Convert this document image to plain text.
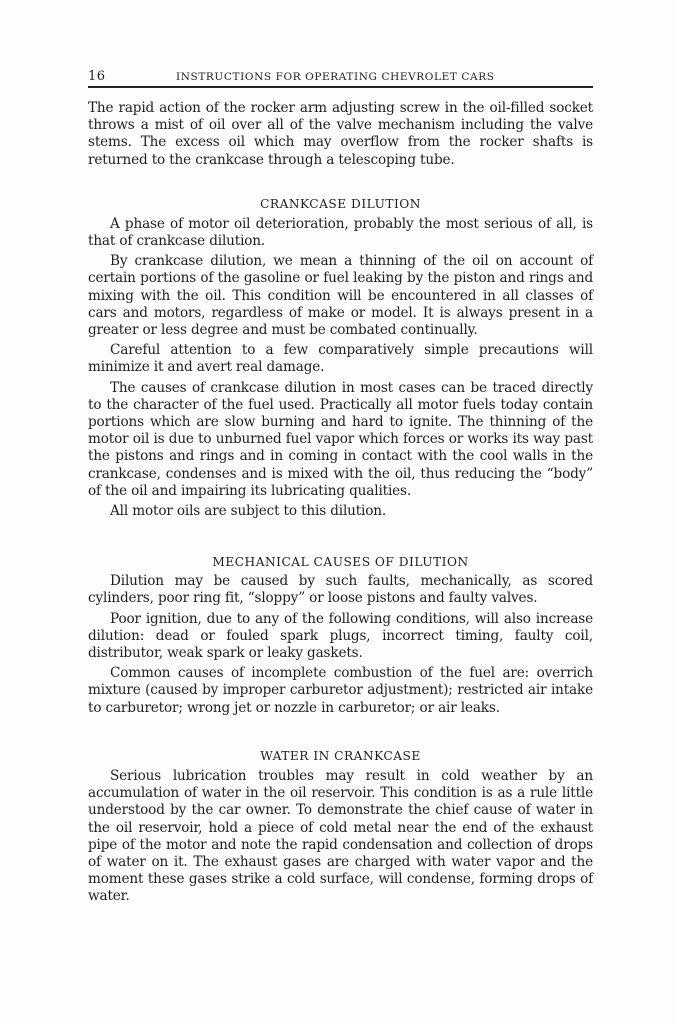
16	INSTRUCTIONS FOR OPERATING CHEVROLET CARS

The rapid action of the rocker arm adjusting screw in the oil-filled socket throws a mist of oil over all of the valve mechanism including the valve stems. The excess oil which may overflow from the rocker shafts is returned to the crankcase through a telescoping tube.

CRANKCASE DILUTION

A phase of motor oil deterioration, probably the most serious of all, is that of crankcase dilution.

By crankcase dilution, we mean a thinning of the oil on account of certain portions of the gasoline or fuel leaking by the piston and rings and mixing with the oil. This condition will be encountered in all classes of cars and motors, regardless of make or model. It is always present in a greater or less degree and must be combated continually.

Careful attention to a few comparatively simple precautions will minimize it and avert real damage.

The causes of crankcase dilution in most cases can be traced directly to the character of the fuel used. Practically all motor fuels today contain portions which are slow burning and hard to ignite. The thinning of the motor oil is due to unburned fuel vapor which forces or works its way past the pistons and rings and in coming in contact with the cool walls in the crankcase, condenses and is mixed with the oil, thus reducing the “body” of the oil and impairing its lubricating qualities.

All motor oils are subject to this dilution.

MECHANICAL CAUSES OF DILUTION

Dilution may be caused by such faults, mechanically, as scored cylinders, poor ring fit, “sloppy” or loose pistons and faulty valves.

Poor ignition, due to any of the following conditions, will also increase dilution: dead or fouled spark plugs, incorrect timing, faulty coil, distributor, weak spark or leaky gaskets.

Common causes of incomplete combustion of the fuel are: overrich mixture (caused by improper carburetor adjustment); restricted air intake to carburetor; wrong jet or nozzle in carburetor; or air leaks.

WATER IN CRANKCASE

Serious lubrication troubles may result in cold weather by an accumulation of water in the oil reservoir. This condition is as a rule little understood by the car owner. To demonstrate the chief cause of water in the oil reservoir, hold a piece of cold metal near the end of the exhaust pipe of the motor and note the rapid condensation and collection of drops of water on it. The exhaust gases are charged with water vapor and the moment these gases strike a cold surface, will condense, forming drops of water.
